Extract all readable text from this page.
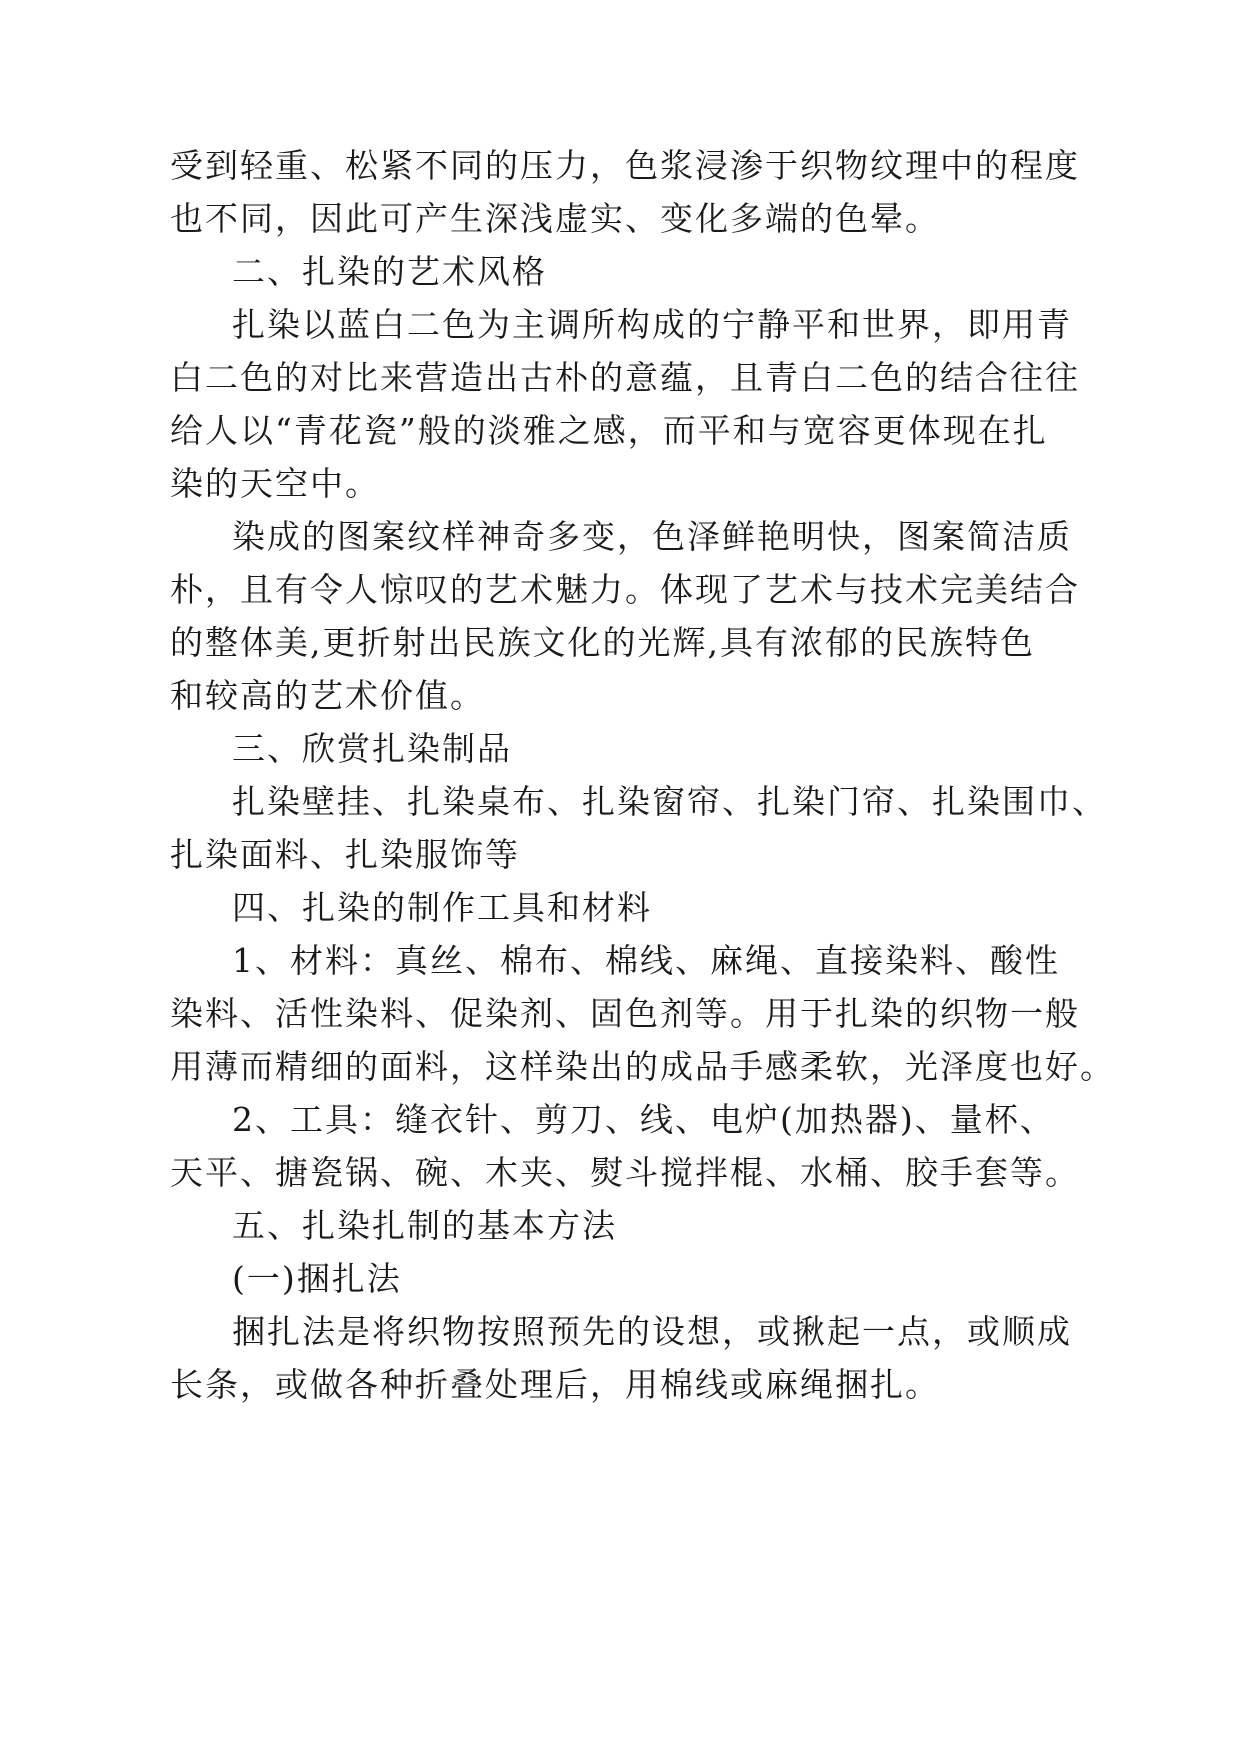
受到轻重、松紧不同的压力，色浆浸渗于织物纹理中的程度
也不同，因此可产生深浅虚实、变化多端的色晕。
二、扎染的艺术风格
扎染以蓝白二色为主调所构成的宁静平和世界，即用青
白二色的对比来营造出古朴的意蕴，且青白二色的结合往往
给人以“青花瓷”般的淡雅之感，而平和与宽容更体现在扎
染的天空中。
染成的图案纹样神奇多变，色泽鲜艳明快，图案简洁质
朴，且有令人惊叹的艺术魅力。体现了艺术与技术完美结合
的整体美,更折射出民族文化的光辉,具有浓郁的民族特色
和较高的艺术价值。
三、欣赏扎染制品
扎染壁挂、扎染桌布、扎染窗帘、扎染门帘、扎染围巾、
扎染面料、扎染服饰等
四、扎染的制作工具和材料
1、材料：真丝、棉布、棉线、麻绳、直接染料、酸性
染料、活性染料、促染剂、固色剂等。用于扎染的织物一般
用薄而精细的面料，这样染出的成品手感柔软，光泽度也好。
2、工具：缝衣针、剪刀、线、电炉(加热器)、量杯、
天平、搪瓷锅、碗、木夹、熨斗搅拌棍、水桶、胶手套等。
五、扎染扎制的基本方法
(一)捆扎法
捆扎法是将织物按照预先的设想，或揪起一点，或顺成
长条，或做各种折叠处理后，用棉线或麻绳捆扎。
